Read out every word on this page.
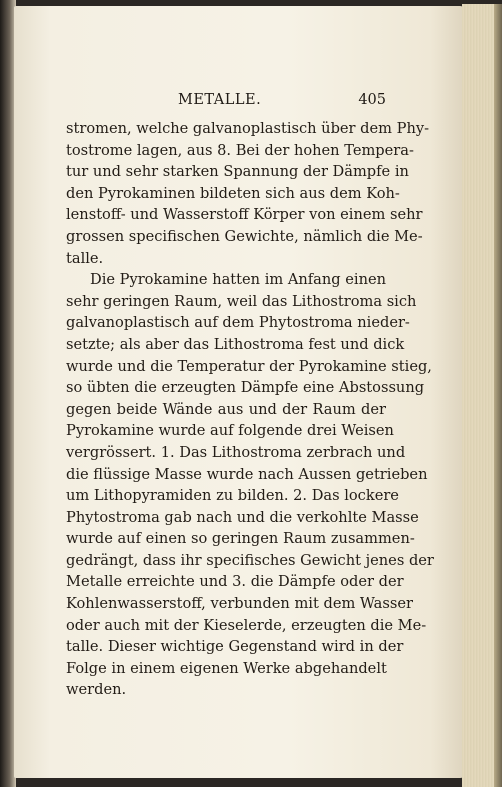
METALLE.	405
stromen, welche galvanoplastisch über dem Phy-
tostrome lagen, aus 8. Bei der hohen Tempera-
tur und sehr starken Spannung der Dämpfe in
den Pyrokaminen bildeten sich aus dem Koh-
lenstoff- und Wasserstoff Körper von einem sehr
grossen specifischen Gewichte, nämlich die Me-
talle.
Die Pyrokamine hatten im Anfang einen
sehr geringen Raum, weil das Lithostroma sich
galvanoplastisch auf dem Phytostroma nieder-
setzte; als aber das Lithostroma fest und dick
wurde und die Temperatur der Pyrokamine stieg,
so übten die erzeugten Dämpfe eine Abstossung
gegen beide Wände aus und der Raum der
Pyrokamine wurde auf folgende drei Weisen
vergrössert. 1. Das Lithostroma zerbrach und
die flüssige Masse wurde nach Aussen getrieben
um Lithopyramiden zu bilden. 2. Das lockere
Phytostroma gab nach und die verkohlte Masse
wurde auf einen so geringen Raum zusammen-
gedrängt, dass ihr specifisches Gewicht jenes der
Metalle erreichte und 3. die Dämpfe oder der
Kohlenwasserstoff, verbunden mit dem Wasser
oder auch mit der Kieselerde, erzeugten die Me-
talle. Dieser wichtige Gegenstand wird in der
Folge in einem eigenen Werke abgehandelt
werden.
